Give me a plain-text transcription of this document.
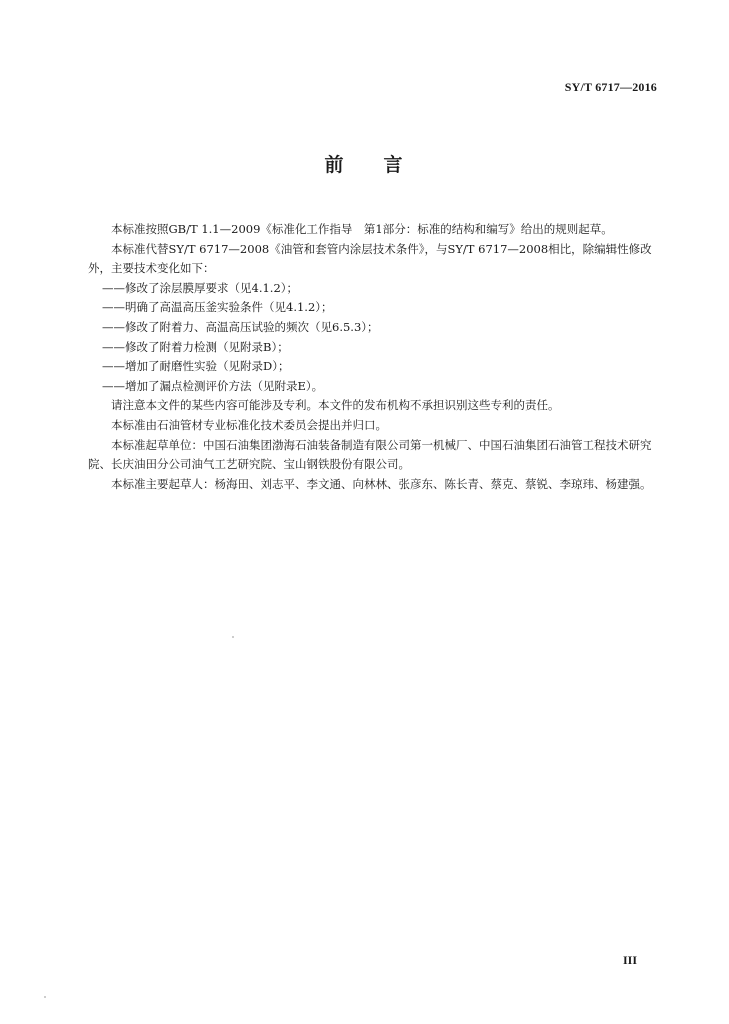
SY/T 6717—2016
前 言

本标准按照GB/T 1.1—2009《标准化工作指导　第1部分：标准的结构和编写》给出的规则起草。

本标准代替SY/T 6717—2008《油管和套管内涂层技术条件》，与SY/T 6717—2008相比，除编辑性修改外，主要技术变化如下：

——修改了涂层膜厚要求（见4.1.2）；

——明确了高温高压釜实验条件（见4.1.2）；

——修改了附着力、高温高压试验的频次（见6.5.3）；

——修改了附着力检测（见附录B）；

——增加了耐磨性实验（见附录D）；

——增加了漏点检测评价方法（见附录E）。

请注意本文件的某些内容可能涉及专利。本文件的发布机构不承担识别这些专利的责任。

本标准由石油管材专业标准化技术委员会提出并归口。

本标准起草单位：中国石油集团渤海石油装备制造有限公司第一机械厂、中国石油集团石油管工程技术研究院、长庆油田分公司油气工艺研究院、宝山钢铁股份有限公司。

本标准主要起草人：杨海田、刘志平、李文通、向林林、张彦东、陈长青、蔡克、蔡锐、李琼玮、杨建强。

III
